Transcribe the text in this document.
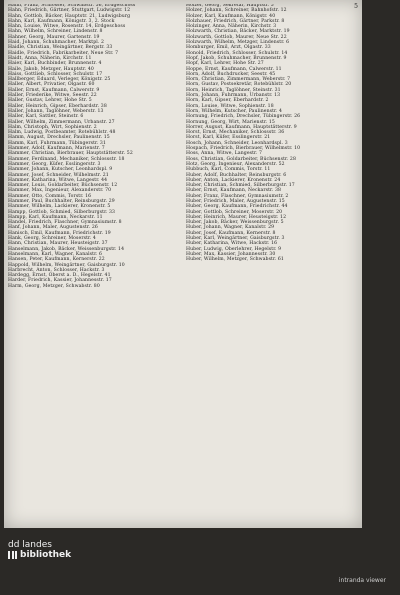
5
Hahn, Franz, Schlosser, Schwabstr. 56, Erdgeschoss
Hahn, Friedrich, Gärtner, Stuttgart, Ludwigstr. 12
Hahn, Gottlob, Bäcker, Hauptstr. 21, Ludwigsburg
Hahn, Karl, Kaufmann, Königstr. 3, 2. Stock
Hahn, Louise, Witwe, Rosenstr. 14, Erdgeschoss
Hahn, Wilhelm, Schreiner, Lindenstr. 8
Hahner, Georg, Maurer, Gartenstr. 19
Haid, Johann, Schuhmacher, Marktpl. 2
Haidle, Christian, Weingärtner, Bergstr. 33
Haidle, Friedrich, Fabrikarbeiter, Neue Str. 7
Haidt, Anna, Näherin, Kirchstr. 11
Haier, Karl, Buchbinder, Brunnenstr. 4
Haile, Jakob, Metzger, Hauptstr. 40
Haiss, Gottlieb, Schlosser, Schulstr. 17
Hallberger, Eduard, Verleger, Königstr. 25
Haller, Albert, Privatier, Olgastr. 60
Haller, Ernst, Kaufmann, Calwerstr. 9
Haller, Friederike, Witwe, Seestr. 22
Haller, Gustav, Lehrer, Hohe Str. 5
Haller, Heinrich, Gipser, Eberhardstr. 38
Haller, Johann, Taglöhner, Weberstr. 13
Haller, Karl, Sattler, Steinstr. 6
Haller, Wilhelm, Zimmermann, Urbanstr. 27
Halm, Christoph, Wirt, Sophienstr. 2
Halm, Ludwig, Postbeamter, Rotebühlstr. 48
Hamm, August, Drechsler, Paulinenstr. 15
Hamm, Karl, Fuhrmann, Tübingerstr. 31
Hammer, Adolf, Kaufmann, Marienstr. 7
Hammer, Christian, Bierbrauer, Hauptstätterstr. 52
Hammer, Ferdinand, Mechaniker, Schlossstr. 18
Hammer, Georg, Küfer, Esslingerstr. 3
Hammer, Johann, Kutscher, Leonhardspl. 9
Hammer, Josef, Schneider, Wilhelmstr. 21
Hammer, Katharina, Witwe, Langestr. 44
Hammer, Louis, Goldarbeiter, Büchsenstr. 12
Hammer, Max, Ingenieur, Alexanderstr. 70
Hammer, Otto, Commis, Torstr. 16
Hammer, Paul, Buchhalter, Reinsburgstr. 29
Hammer, Wilhelm, Lackierer, Kronenstr. 5
Hampp, Gottlob, Schmied, Silberburgstr. 33
Hampp, Karl, Kaufmann, Neckarstr. 11
Handel, Friedrich, Flaschner, Gymnasiumstr. 8
Hanf, Johann, Maler, Augustenstr. 26
Hanisch, Emil, Kaufmann, Friedrichstr. 19
Hank, Georg, Schreiner, Moserstr. 4
Hann, Christian, Maurer, Heusteigstr. 37
Hanselmann, Jakob, Bäcker, Weissenburgstr. 14
Hanselmann, Karl, Wagner, Kanalstr. 6
Hansen, Peter, Kaufmann, Kernerstr. 22
Happold, Wilhelm, Weingärtner, Gaisburgstr. 10
Harbrecht, Anton, Schlosser, Hackstr. 3
Hardegg, Ernst, Oberst a. D., Hegelstr. 41
Harder, Friedrich, Kassier, Johannesstr. 17
Harm, Georg, Metzger, Schwabstr. 80
Holzer, Georg, Sekretär, Hauptstr. 5
Holzer, Johann, Schreiner, Bahnhofstr. 12
Holzer, Karl, Kaufmann, Königstr. 40
Holzhauer, Friedrich, Gärtner, Parkstr. 8
Holzinger, Anna, Näherin, Kirchstr. 3
Holzwarth, Christian, Bäcker, Marktstr. 19
Holzwarth, Gottlob, Maurer, Neue Str. 22
Holzwarth, Wilhelm, Metzger, Lindenstr. 6
Homburger, Emil, Arzt, Olgastr. 33
Honold, Friedrich, Schlosser, Schulstr. 14
Hopf, Jakob, Schuhmacher, Brunnenstr. 9
Hopf, Karl, Lehrer, Hohe Str. 27
Hoppe, Ernst, Kaufmann, Calwerstr. 11
Horn, Adolf, Buchdrucker, Seestr. 45
Horn, Christian, Zimmermann, Weberstr. 7
Horn, Gustav, Postsekretär, Rotebühlstr. 20
Horn, Heinrich, Taglöhner, Steinstr. 31
Horn, Johann, Fuhrmann, Urbanstr. 13
Horn, Karl, Gipser, Eberhardstr. 2
Horn, Louise, Witwe, Sophienstr. 18
Horn, Wilhelm, Kutscher, Paulinenstr. 4
Hornung, Friedrich, Drechsler, Tübingerstr. 26
Hornung, Georg, Wirt, Marienstr. 15
Horrer, August, Kaufmann, Hauptstätterstr. 9
Horst, Ernst, Mechaniker, Schlossstr. 36
Horst, Karl, Küfer, Esslingerstr. 21
Hosch, Johann, Schneider, Leonhardspl. 3
Hospach, Friedrich, Bierbrauer, Wilhelmstr. 10
Hoss, Anna, Witwe, Langestr. 7
Hoss, Christian, Goldarbeiter, Büchsenstr. 28
Hotz, Georg, Ingenieur, Alexanderstr. 52
Hubbuch, Karl, Commis, Torstr. 11
Huber, Adolf, Buchhalter, Reinsburgstr. 6
Huber, Anton, Lackierer, Kronenstr. 24
Huber, Christian, Schmied, Silberburgstr. 17
Huber, Ernst, Kaufmann, Neckarstr. 38
Huber, Franz, Flaschner, Gymnasiumstr. 2
Huber, Friedrich, Maler, Augustenstr. 15
Huber, Georg, Kaufmann, Friedrichstr. 44
Huber, Gottlob, Schreiner, Moserstr. 20
Huber, Heinrich, Maurer, Heusteigstr. 12
Huber, Jakob, Bäcker, Weissenburgstr. 5
Huber, Johann, Wagner, Kanalstr. 29
Huber, Josef, Kaufmann, Kernerstr. 8
Huber, Karl, Weingärtner, Gaisburgstr. 3
Huber, Katharina, Witwe, Hackstr. 16
Huber, Ludwig, Oberlehrer, Hegelstr. 9
Huber, Max, Kassier, Johannesstr. 30
Huber, Wilhelm, Metzger, Schwabstr. 61
dd landes
bibliothek
intranda viewer
